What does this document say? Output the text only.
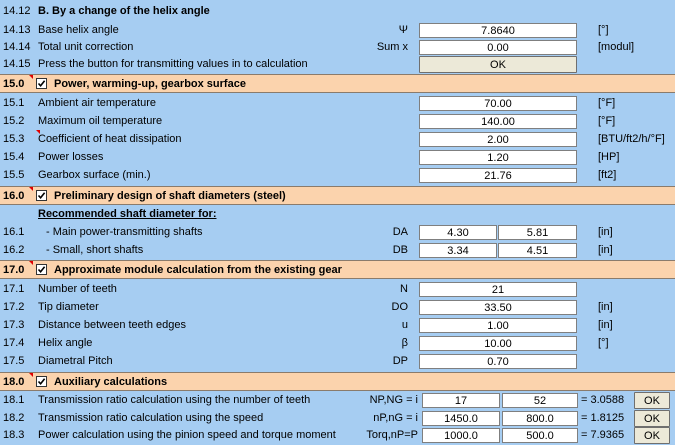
14.12 B. By a change of the helix angle
14.13 Base helix angle	Ψ	7.8640	[°]
14.14 Total unit correction	Sum x	0.00	[modul]
14.15 Press the button for transmitting values in to calculation	OK
15.0	Power, warming-up, gearbox surface
15.1	Ambient air temperature	70.00	[°F]
15.2	Maximum oil temperature	140.00	[°F]
15.3	Coefficient of heat dissipation	2.00	[BTU/ft2/h/°F]
15.4	Power losses	1.20	[HP]
15.5	Gearbox surface (min.)	21.76	[ft2]
16.0	Preliminary design of shaft diameters (steel)
Recommended shaft diameter for:
16.1	- Main power-transmitting shafts	DA	4.30	5.81	[in]
16.2	- Small, short shafts	DB	3.34	4.51	[in]
17.0	Approximate module calculation from the existing gear
17.1	Number of teeth	N	21
17.2	Tip diameter	DO	33.50	[in]
17.3	Distance between teeth edges	u	1.00	[in]
17.4	Helix angle	β	10.00	[°]
17.5	Diametral Pitch	DP	0.70
18.0	Auxiliary calculations
18.1	Transmission ratio calculation using the number of teeth	NP,NG = i	17	52	= 3.0588	OK
18.2	Transmission ratio calculation using the speed	nP,nG = i	1450.0	800.0	= 1.8125	OK
18.3	Power calculation using the pinion speed and torque moment	Torq,nP=P	1000.0	500.0	= 7.9365	OK
